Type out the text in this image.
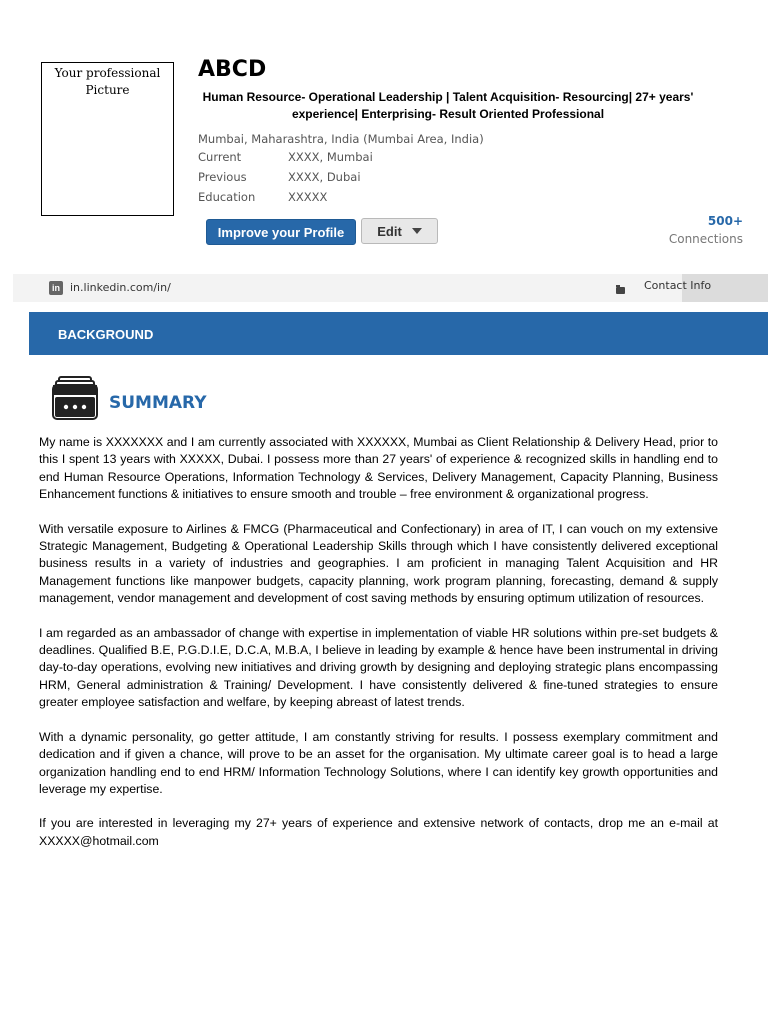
Your professional Picture
ABCD
Human Resource- Operational Leadership | Talent Acquisition- Resourcing| 27+ years' experience| Enterprising- Result Oriented Professional
Mumbai, Maharashtra, India (Mumbai Area, India)
Current	XXXX, Mumbai
Previous	XXXX, Dubai
Education	XXXXX
Improve your Profile	Edit
500+
Connections
in in.linkedin.com/in/	Contact Info
BACKGROUND
SUMMARY

My name is XXXXXXX and I am currently associated with XXXXXX, Mumbai as Client Relationship & Delivery Head, prior to this I spent 13 years with XXXXX, Dubai. I possess more than 27 years' of experience & recognized skills in handling end to end Human Resource Operations, Information Technology & Services, Delivery Management, Capacity Planning, Business Enhancement functions & initiatives to ensure smooth and trouble – free environment & organizational progress.

With versatile exposure to Airlines & FMCG (Pharmaceutical and Confectionary) in area of IT, I can vouch on my extensive Strategic Management, Budgeting & Operational Leadership Skills through which I have consistently delivered exceptional business results in a variety of industries and geographies. I am proficient in managing Talent Acquisition and HR Management functions like manpower budgets, capacity planning, work program planning, forecasting, demand & supply management, vendor management and development of cost saving methods by ensuring optimum utilization of resources.

I am regarded as an ambassador of change with expertise in implementation of viable HR solutions within pre-set budgets & deadlines. Qualified B.E, P.G.D.I.E, D.C.A, M.B.A, I believe in leading by example & hence have been instrumental in driving day-to-day operations, evolving new initiatives and driving growth by designing and deploying strategic plans encompassing HRM, General administration & Training/ Development. I have consistently delivered & fine-tuned strategies to ensure greater employee satisfaction and welfare, by keeping abreast of latest trends.

With a dynamic personality, go getter attitude, I am constantly striving for results. I possess exemplary commitment and dedication and if given a chance, will prove to be an asset for the organisation. My ultimate career goal is to head a large organization handling end to end HRM/ Information Technology Solutions, where I can identify key growth opportunities and leverage my expertise.

If you are interested in leveraging my 27+ years of experience and extensive network of contacts, drop me an e-mail at XXXXX@hotmail.com
